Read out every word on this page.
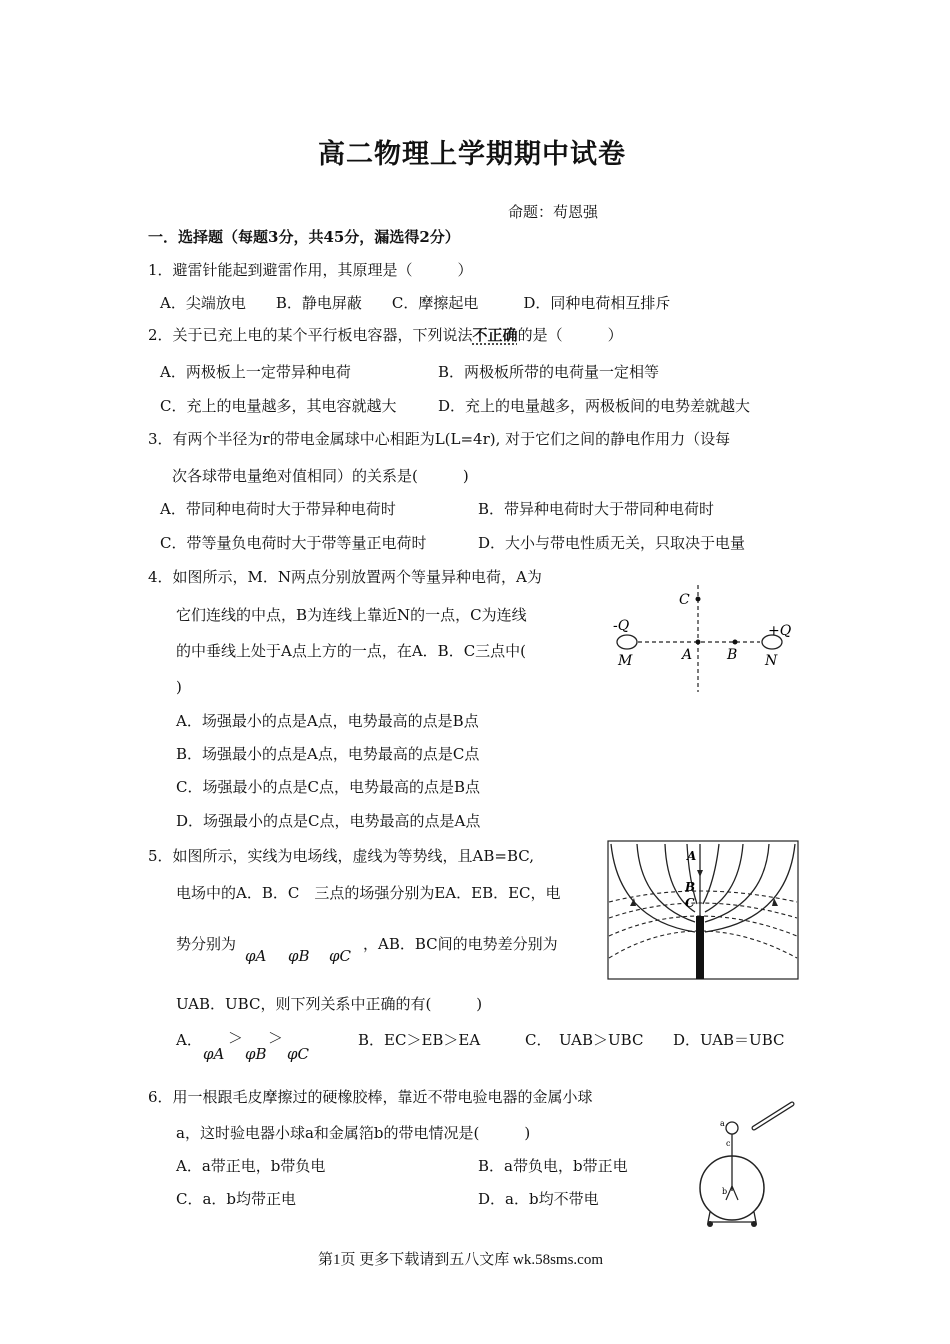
高二物理上学期期中试卷
命题：苟恩强
一．选择题（每题3分，共45分，漏选得2分）
1．避雷针能起到避雷作用，其原理是（　　　）
A．尖端放电　　B．静电屏蔽　　C．摩擦起电　　　D．同种电荷相互排斥
2．关于已充上电的某个平行板电容器，下列说法不正确的是（　　　）
A．两极板上一定带异种电荷	B．两极板所带的电荷量一定相等
C．充上的电量越多，其电容就越大	D．充上的电量越多，两极板间的电势差就越大
3．有两个半径为r的带电金属球中心相距为L(L=4r), 对于它们之间的静电作用力（设每
次各球带电量绝对值相同）的关系是(　　　)
A．带同种电荷时大于带异种电荷时	B．带异种电荷时大于带同种电荷时
C．带等量负电荷时大于带等量正电荷时	D．大小与带电性质无关，只取决于电量
4．如图所示，M．N两点分别放置两个等量异种电荷，A为
它们连线的中点，B为连线上靠近N的一点，C为连线
的中垂线上处于A点上方的一点，在A．B．C三点中(
)
A．场强最小的点是A点，电势最高的点是B点
B．场强最小的点是A点，电势最高的点是C点
C．场强最小的点是C点，电势最高的点是B点
D．场强最小的点是C点，电势最高的点是A点
C
A B
M	N
-Q	+Q
5．如图所示，实线为电场线，虚线为等势线，且AB=BC,
电场中的A．B．C　三点的场强分别为EA．EB．EC，电
势分别为
φA φB φC
，AB．BC间的电势差分别为
UAB．UBC，则下列关系中正确的有(　　　)
A．
φA
＞
φB
＞
φC
B．EC＞EB＞EA	C．　UAB＞UBC D．UAB＝UBC
A
B
C
6．用一根跟毛皮摩擦过的硬橡胶棒，靠近不带电验电器的金属小球
a，这时验电器小球a和金属箔b的带电情况是(　　　)
A．a带正电，b带负电	B．a带负电，b带正电
C．a．b均带正电	D．a．b均不带电
a
c
b
第1页 更多下载请到五八文库 wk.58sms.com
